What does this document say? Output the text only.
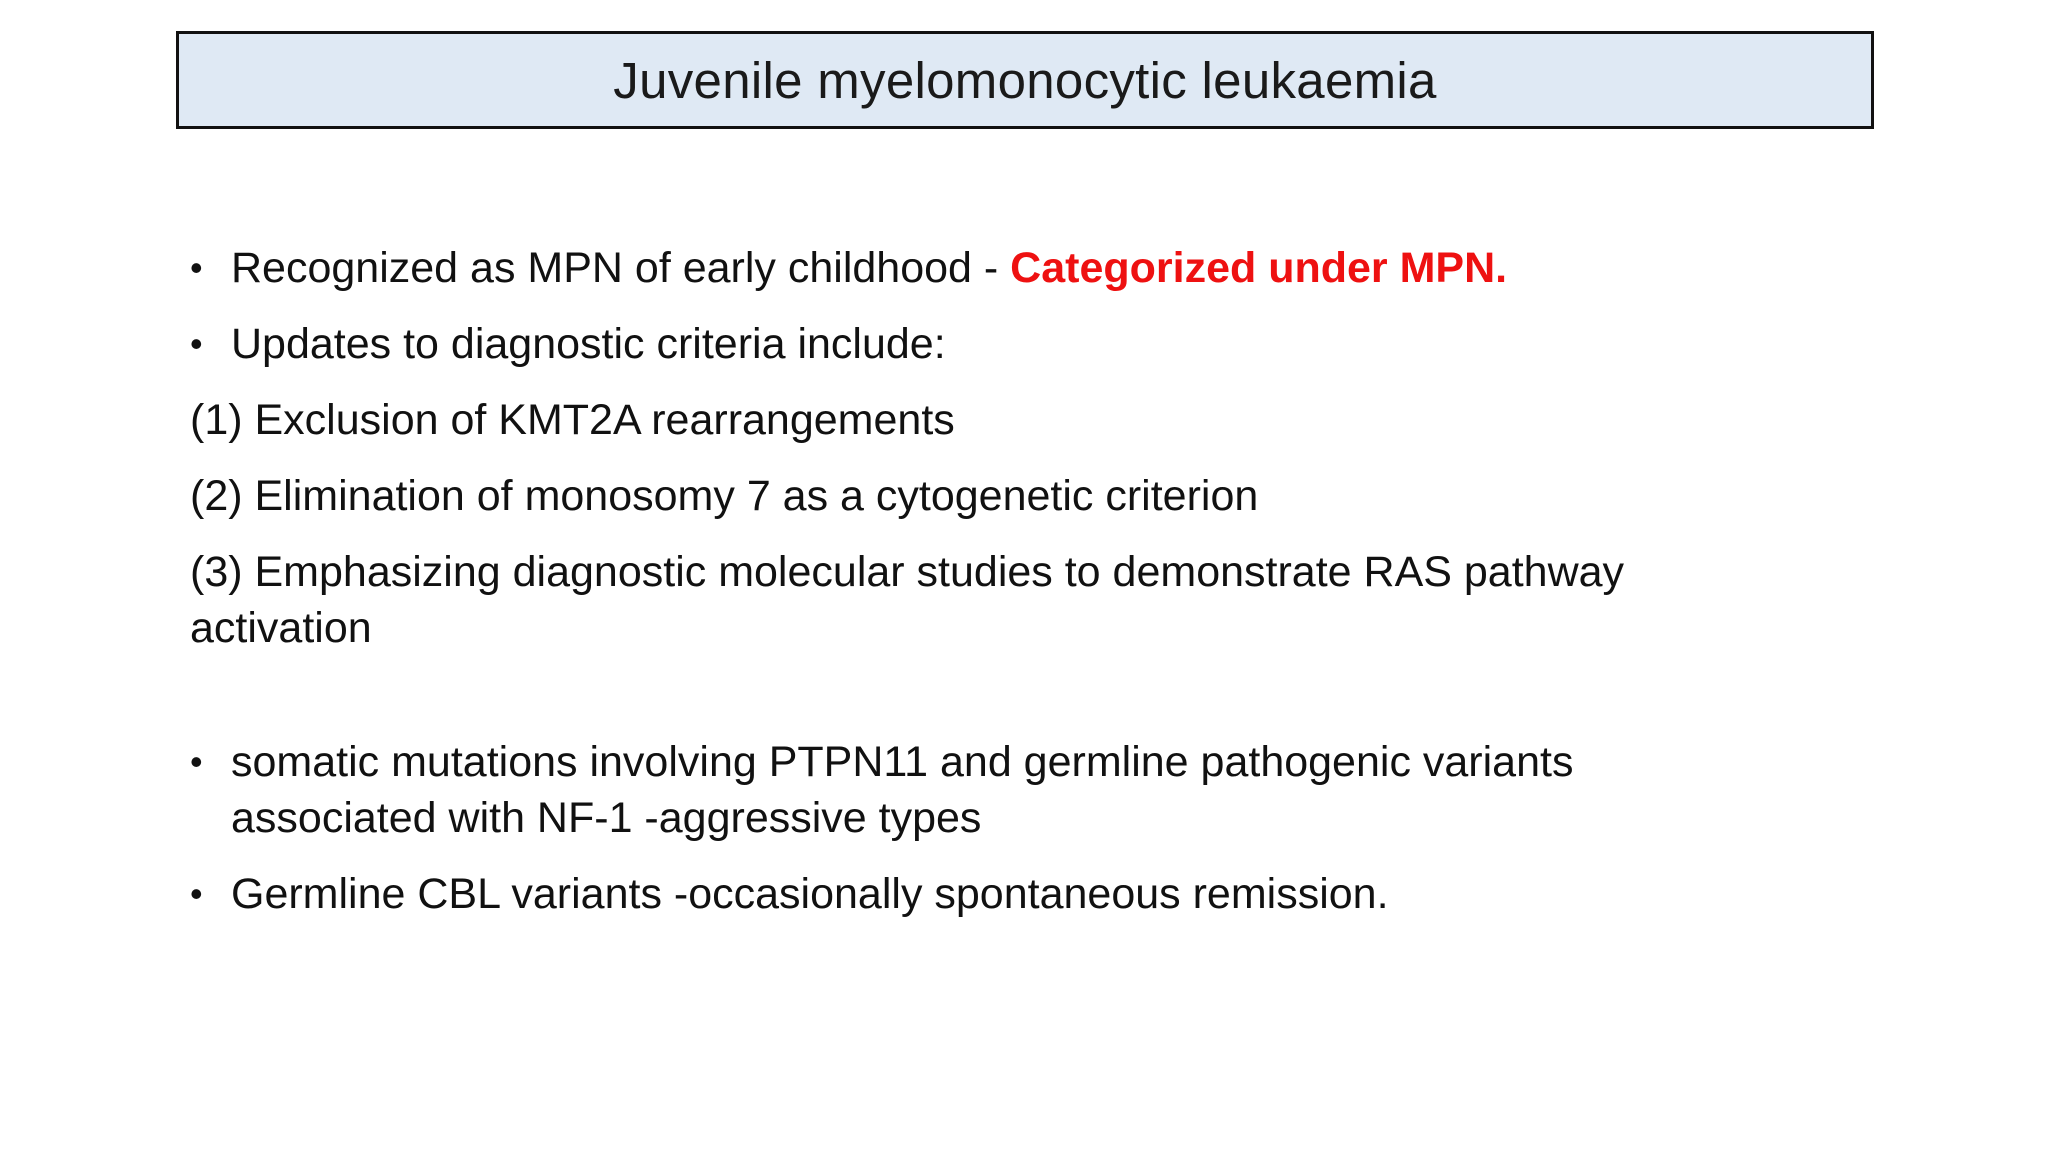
Juvenile myelomonocytic leukaemia
• Recognized as MPN of early childhood - Categorized under MPN.
• Updates to diagnostic criteria include:

(1) Exclusion of KMT2A rearrangements

(2) Elimination of monosomy 7 as a cytogenetic criterion

(3) Emphasizing diagnostic molecular studies to demonstrate RAS pathway activation

• somatic mutations involving PTPN11 and germline pathogenic variants associated with NF-1 -aggressive types
• Germline CBL variants -occasionally spontaneous remission.
